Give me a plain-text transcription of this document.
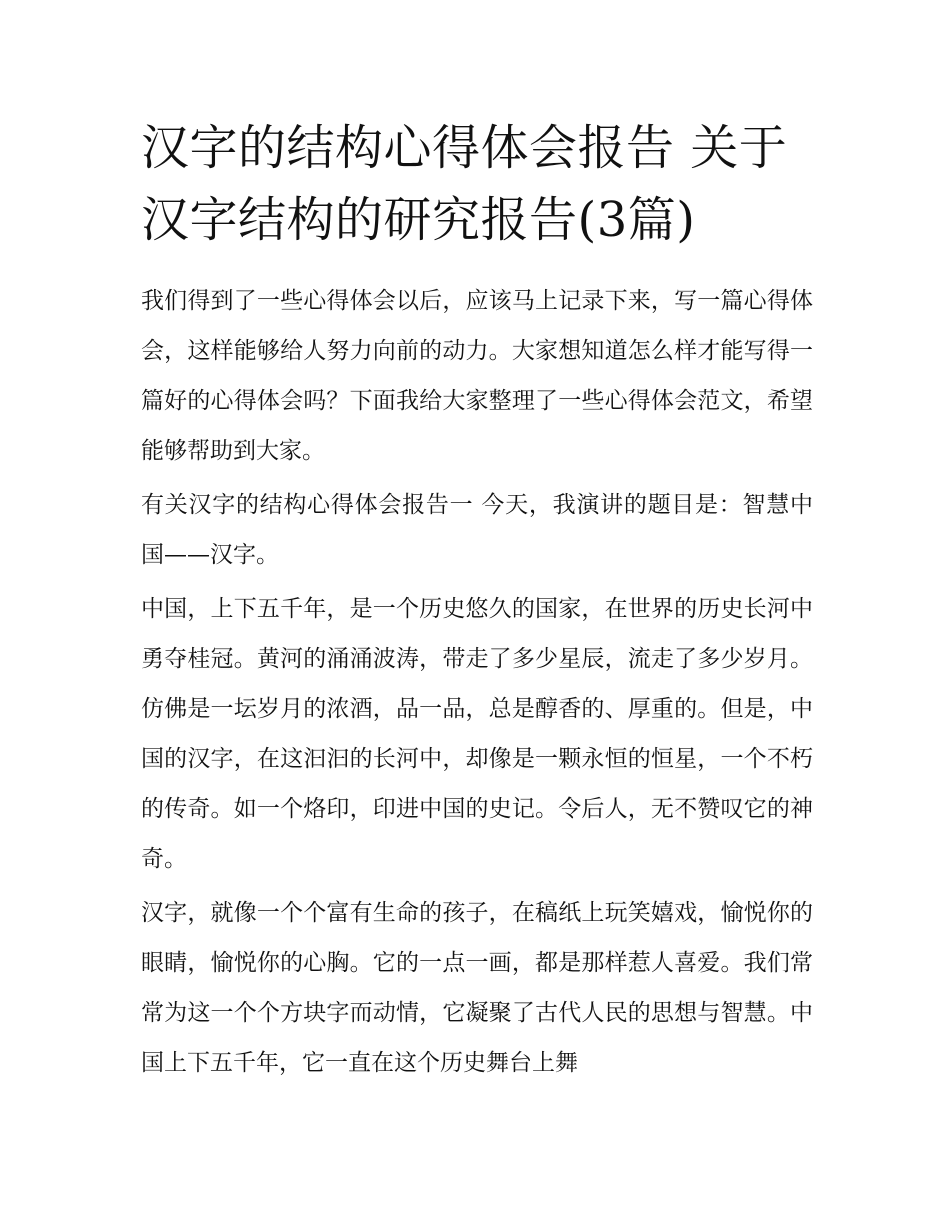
汉字的结构心得体会报告 关于汉字结构的研究报告(3篇)

我们得到了一些心得体会以后，应该马上记录下来，写一篇心得体会，这样能够给人努力向前的动力。大家想知道怎么样才能写得一篇好的心得体会吗？下面我给大家整理了一些心得体会范文，希望能够帮助到大家。

有关汉字的结构心得体会报告一 今天，我演讲的题目是：智慧中国——汉字。

中国，上下五千年，是一个历史悠久的国家，在世界的历史长河中勇夺桂冠。黄河的涌涌波涛，带走了多少星辰，流走了多少岁月。仿佛是一坛岁月的浓酒，品一品，总是醇香的、厚重的。但是，中国的汉字，在这汩汩的长河中，却像是一颗永恒的恒星，一个不朽的传奇。如一个烙印，印进中国的史记。令后人，无不赞叹它的神奇。

汉字，就像一个个富有生命的孩子，在稿纸上玩笑嬉戏，愉悦你的眼睛，愉悦你的心胸。它的一点一画，都是那样惹人喜爱。我们常常为这一个个方块字而动情，它凝聚了古代人民的思想与智慧。中国上下五千年，它一直在这个历史舞台上舞
